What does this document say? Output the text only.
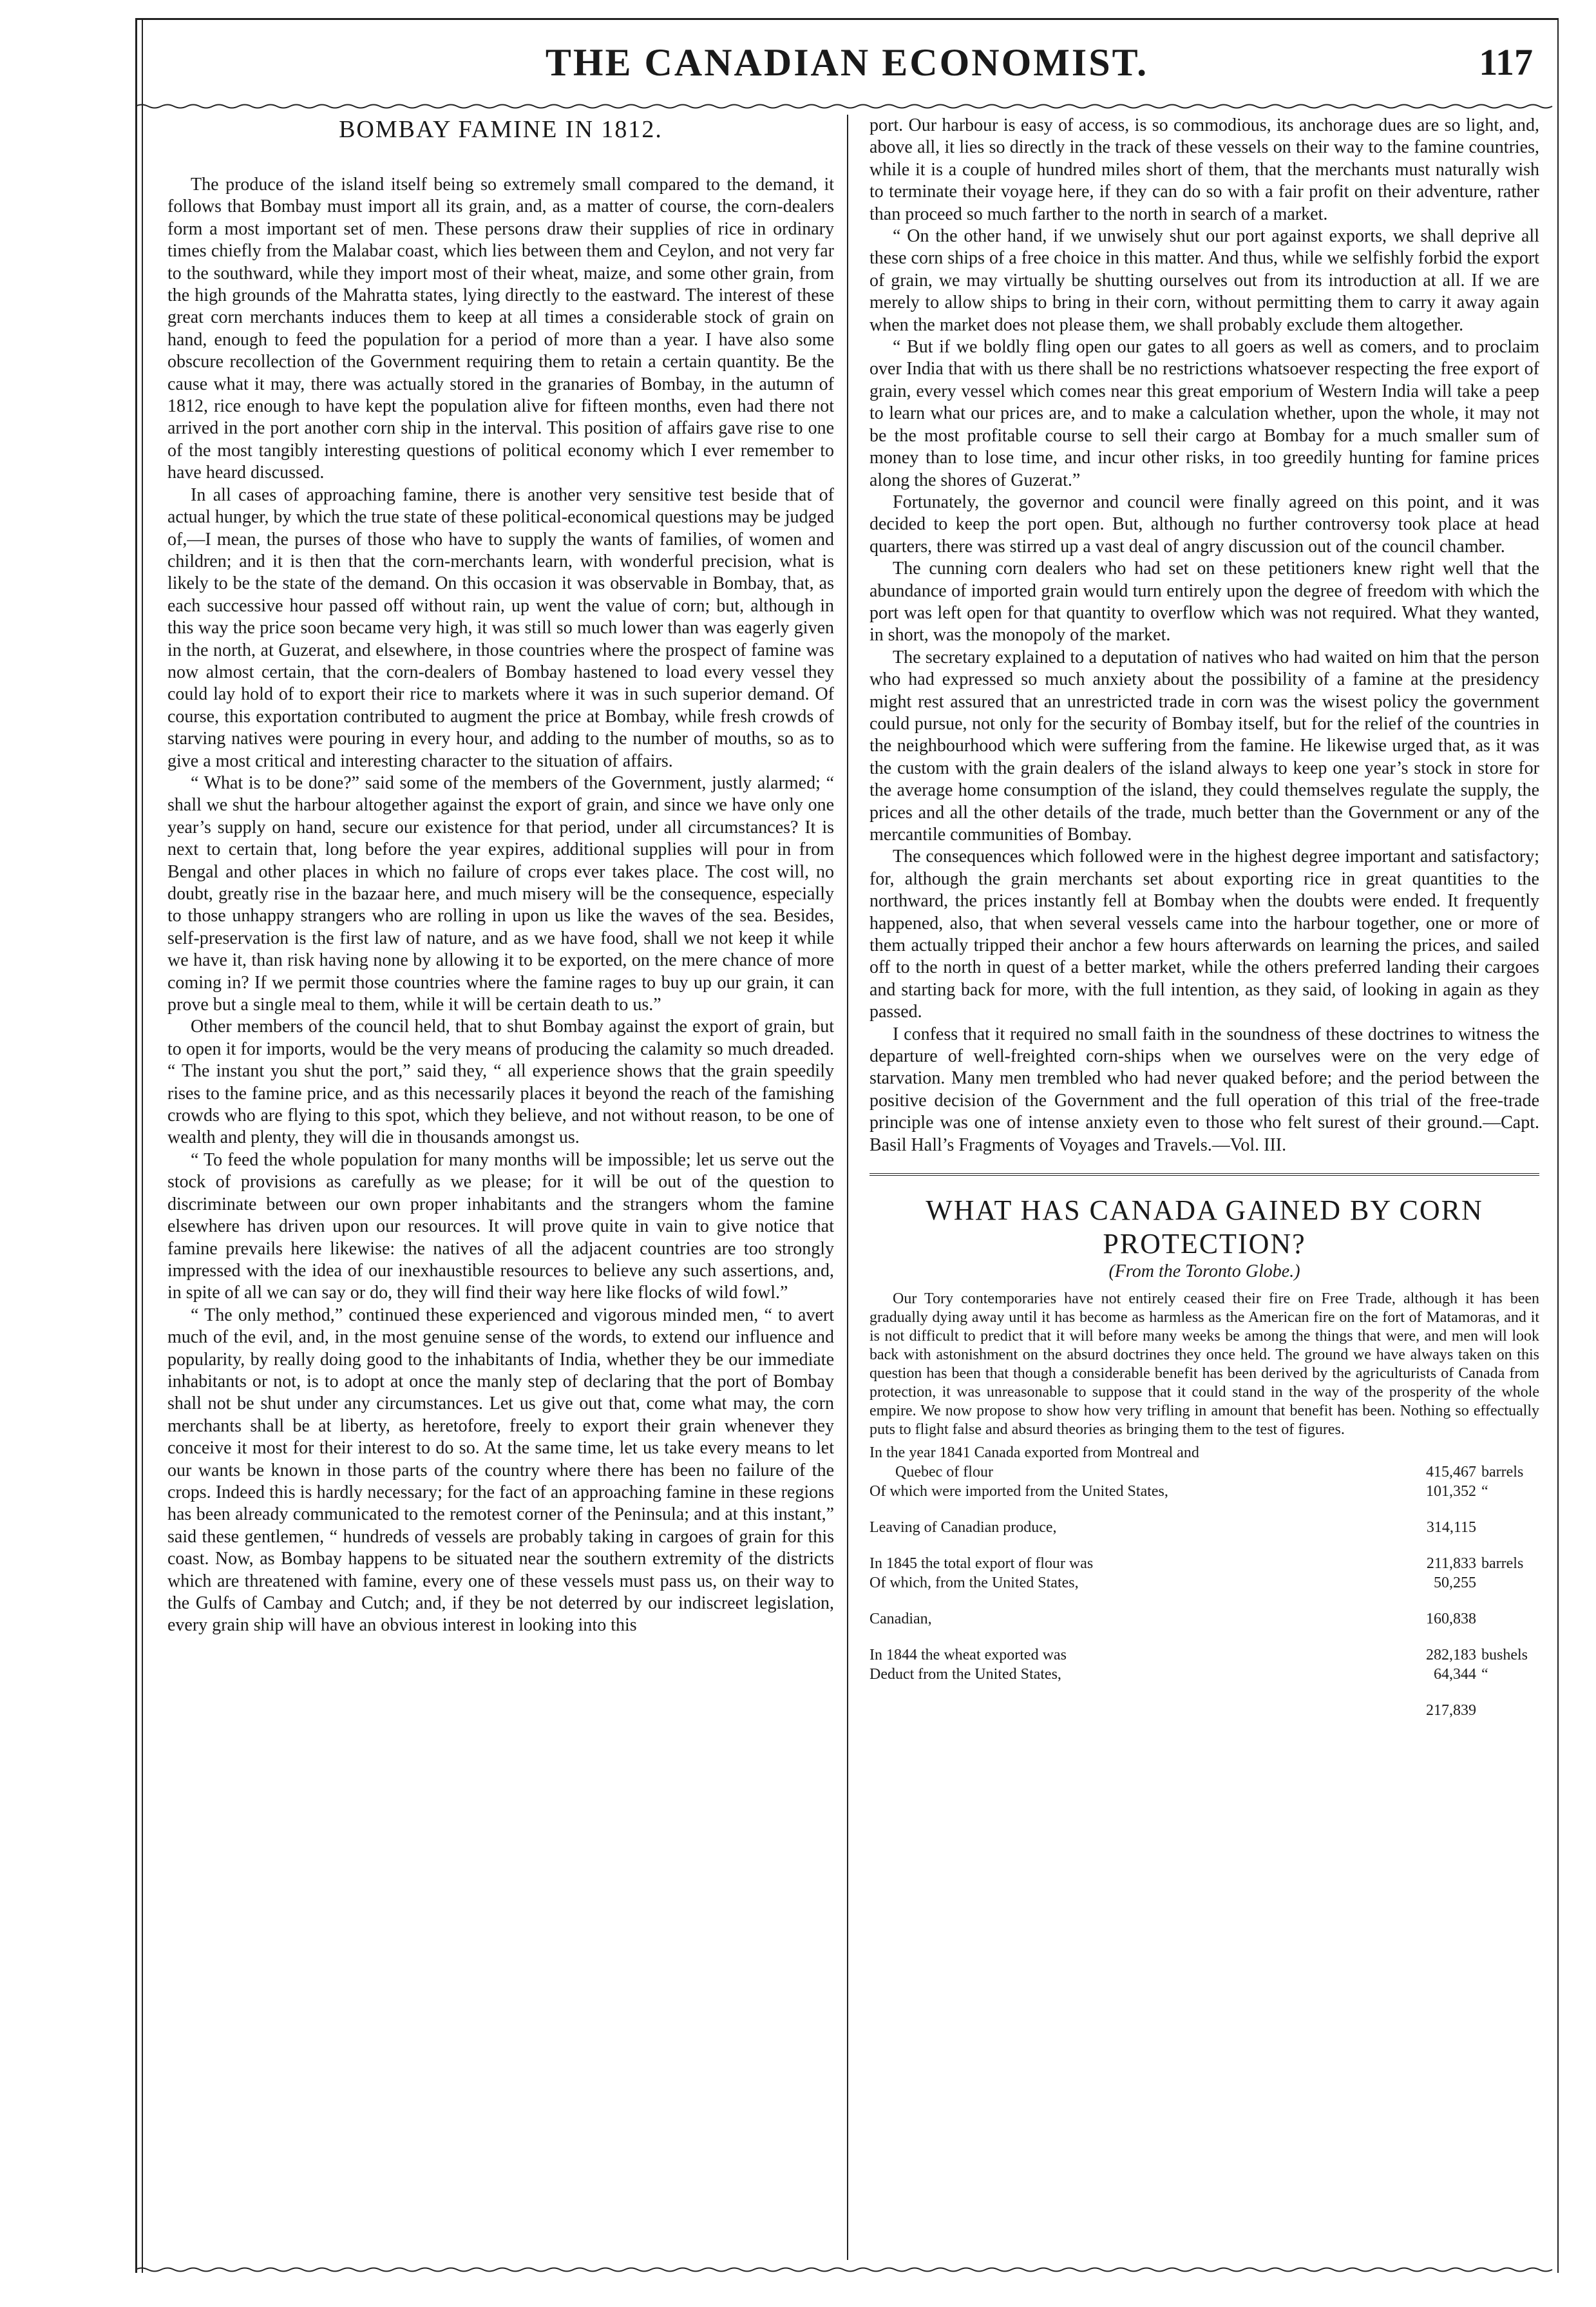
THE CANADIAN ECONOMIST.	117
BOMBAY FAMINE IN 1812.

The produce of the island itself being so extremely small compared to the demand, it follows that Bombay must import all its grain, and, as a matter of course, the corn-dealers form a most important set of men. These persons draw their supplies of rice in ordinary times chiefly from the Malabar coast, which lies between them and Ceylon, and not very far to the southward, while they import most of their wheat, maize, and some other grain, from the high grounds of the Mahratta states, lying directly to the eastward. The interest of these great corn merchants induces them to keep at all times a considerable stock of grain on hand, enough to feed the population for a period of more than a year. I have also some obscure recollection of the Government requiring them to retain a certain quantity. Be the cause what it may, there was actually stored in the granaries of Bombay, in the autumn of 1812, rice enough to have kept the population alive for fifteen months, even had there not arrived in the port another corn ship in the interval. This position of affairs gave rise to one of the most tangibly interesting questions of political economy which I ever remember to have heard discussed.

In all cases of approaching famine, there is another very sensitive test beside that of actual hunger, by which the true state of these political-economical questions may be judged of,—I mean, the purses of those who have to supply the wants of families, of women and children; and it is then that the corn-merchants learn, with wonderful precision, what is likely to be the state of the demand. On this occasion it was observable in Bombay, that, as each successive hour passed off without rain, up went the value of corn; but, although in this way the price soon became very high, it was still so much lower than was eagerly given in the north, at Guzerat, and elsewhere, in those countries where the prospect of famine was now almost certain, that the corn-dealers of Bombay hastened to load every vessel they could lay hold of to export their rice to markets where it was in such superior demand. Of course, this exportation contributed to augment the price at Bombay, while fresh crowds of starving natives were pouring in every hour, and adding to the number of mouths, so as to give a most critical and interesting character to the situation of affairs.

“ What is to be done?” said some of the members of the Government, justly alarmed; “ shall we shut the harbour altogether against the export of grain, and since we have only one year’s supply on hand, secure our existence for that period, under all circumstances? It is next to certain that, long before the year expires, additional supplies will pour in from Bengal and other places in which no failure of crops ever takes place. The cost will, no doubt, greatly rise in the bazaar here, and much misery will be the consequence, especially to those unhappy strangers who are rolling in upon us like the waves of the sea. Besides, self-preservation is the first law of nature, and as we have food, shall we not keep it while we have it, than risk having none by allowing it to be exported, on the mere chance of more coming in? If we permit those countries where the famine rages to buy up our grain, it can prove but a single meal to them, while it will be certain death to us.”

Other members of the council held, that to shut Bombay against the export of grain, but to open it for imports, would be the very means of producing the calamity so much dreaded. “ The instant you shut the port,” said they, “ all experience shows that the grain speedily rises to the famine price, and as this necessarily places it beyond the reach of the famishing crowds who are flying to this spot, which they believe, and not without reason, to be one of wealth and plenty, they will die in thousands amongst us.

“ To feed the whole population for many months will be impossible; let us serve out the stock of provisions as carefully as we please; for it will be out of the question to discriminate between our own proper inhabitants and the strangers whom the famine elsewhere has driven upon our resources. It will prove quite in vain to give notice that famine prevails here likewise: the natives of all the adjacent countries are too strongly impressed with the idea of our inexhaustible resources to believe any such assertions, and, in spite of all we can say or do, they will find their way here like flocks of wild fowl.”

“ The only method,” continued these experienced and vigorous minded men, “ to avert much of the evil, and, in the most genuine sense of the words, to extend our influence and popularity, by really doing good to the inhabitants of India, whether they be our immediate inhabitants or not, is to adopt at once the manly step of declaring that the port of Bombay shall not be shut under any circumstances. Let us give out that, come what may, the corn merchants shall be at liberty, as heretofore, freely to export their grain whenever they conceive it most for their interest to do so. At the same time, let us take every means to let our wants be known in those parts of the country where there has been no failure of the crops. Indeed this is hardly necessary; for the fact of an approaching famine in these regions has been already communicated to the remotest corner of the Peninsula; and at this instant,” said these gentlemen, “ hundreds of vessels are probably taking in cargoes of grain for this coast. Now, as Bombay happens to be situated near the southern extremity of the districts which are threatened with famine, every one of these vessels must pass us, on their way to the Gulfs of Cambay and Cutch; and, if they be not deterred by our indiscreet legislation, every grain ship will have an obvious interest in looking into this

port. Our harbour is easy of access, is so commodious, its anchorage dues are so light, and, above all, it lies so directly in the track of these vessels on their way to the famine countries, while it is a couple of hundred miles short of them, that the merchants must naturally wish to terminate their voyage here, if they can do so with a fair profit on their adventure, rather than proceed so much farther to the north in search of a market.

“ On the other hand, if we unwisely shut our port against exports, we shall deprive all these corn ships of a free choice in this matter. And thus, while we selfishly forbid the export of grain, we may virtually be shutting ourselves out from its introduction at all. If we are merely to allow ships to bring in their corn, without permitting them to carry it away again when the market does not please them, we shall probably exclude them altogether.

“ But if we boldly fling open our gates to all goers as well as comers, and to proclaim over India that with us there shall be no restrictions whatsoever respecting the free export of grain, every vessel which comes near this great emporium of Western India will take a peep to learn what our prices are, and to make a calculation whether, upon the whole, it may not be the most profitable course to sell their cargo at Bombay for a much smaller sum of money than to lose time, and incur other risks, in too greedily hunting for famine prices along the shores of Guzerat.”

Fortunately, the governor and council were finally agreed on this point, and it was decided to keep the port open. But, although no further controversy took place at head quarters, there was stirred up a vast deal of angry discussion out of the council chamber.

The cunning corn dealers who had set on these petitioners knew right well that the abundance of imported grain would turn entirely upon the degree of freedom with which the port was left open for that quantity to overflow which was not required. What they wanted, in short, was the monopoly of the market.

The secretary explained to a deputation of natives who had waited on him that the person who had expressed so much anxiety about the possibility of a famine at the presidency might rest assured that an unrestricted trade in corn was the wisest policy the government could pursue, not only for the security of Bombay itself, but for the relief of the countries in the neighbourhood which were suffering from the famine. He likewise urged that, as it was the custom with the grain dealers of the island always to keep one year’s stock in store for the average home consumption of the island, they could themselves regulate the supply, the prices and all the other details of the trade, much better than the Government or any of the mercantile communities of Bombay.

The consequences which followed were in the highest degree important and satisfactory; for, although the grain merchants set about exporting rice in great quantities to the northward, the prices instantly fell at Bombay when the doubts were ended. It frequently happened, also, that when several vessels came into the harbour together, one or more of them actually tripped their anchor a few hours afterwards on learning the prices, and sailed off to the north in quest of a better market, while the others preferred landing their cargoes and starting back for more, with the full intention, as they said, of looking in again as they passed.

I confess that it required no small faith in the soundness of these doctrines to witness the departure of well-freighted corn-ships when we ourselves were on the very edge of starvation. Many men trembled who had never quaked before; and the period between the positive decision of the Government and the full operation of this trial of the free-trade principle was one of intense anxiety even to those who felt surest of their ground.—Capt. Basil Hall’s Fragments of Voyages and Travels.—Vol. III.

WHAT HAS CANADA GAINED BY CORN PROTECTION?
(From the Toronto Globe.)

Our Tory contemporaries have not entirely ceased their fire on Free Trade, although it has been gradually dying away until it has become as harmless as the American fire on the fort of Matamoras, and it is not difficult to predict that it will before many weeks be among the things that were, and men will look back with astonishment on the absurd doctrines they once held. The ground we have always taken on this question has been that though a considerable benefit has been derived by the agriculturists of Canada from protection, it was unreasonable to suppose that it could stand in the way of the prosperity of the whole empire. We now propose to show how very trifling in amount that benefit has been. Nothing so effectually puts to flight false and absurd theories as bringing them to the test of figures.

In the year 1841 Canada exported from Montreal and		
Quebec of flour	415,467	barrels
Of which were imported from the United States,	101,352	“

Leaving of Canadian produce,	314,115	

In 1845 the total export of flour was	211,833	barrels
Of which, from the United States,	50,255	

Canadian,	160,838	

In 1844 the wheat exported was	282,183	bushels
Deduct from the United States,	64,344	“

	217,839	
